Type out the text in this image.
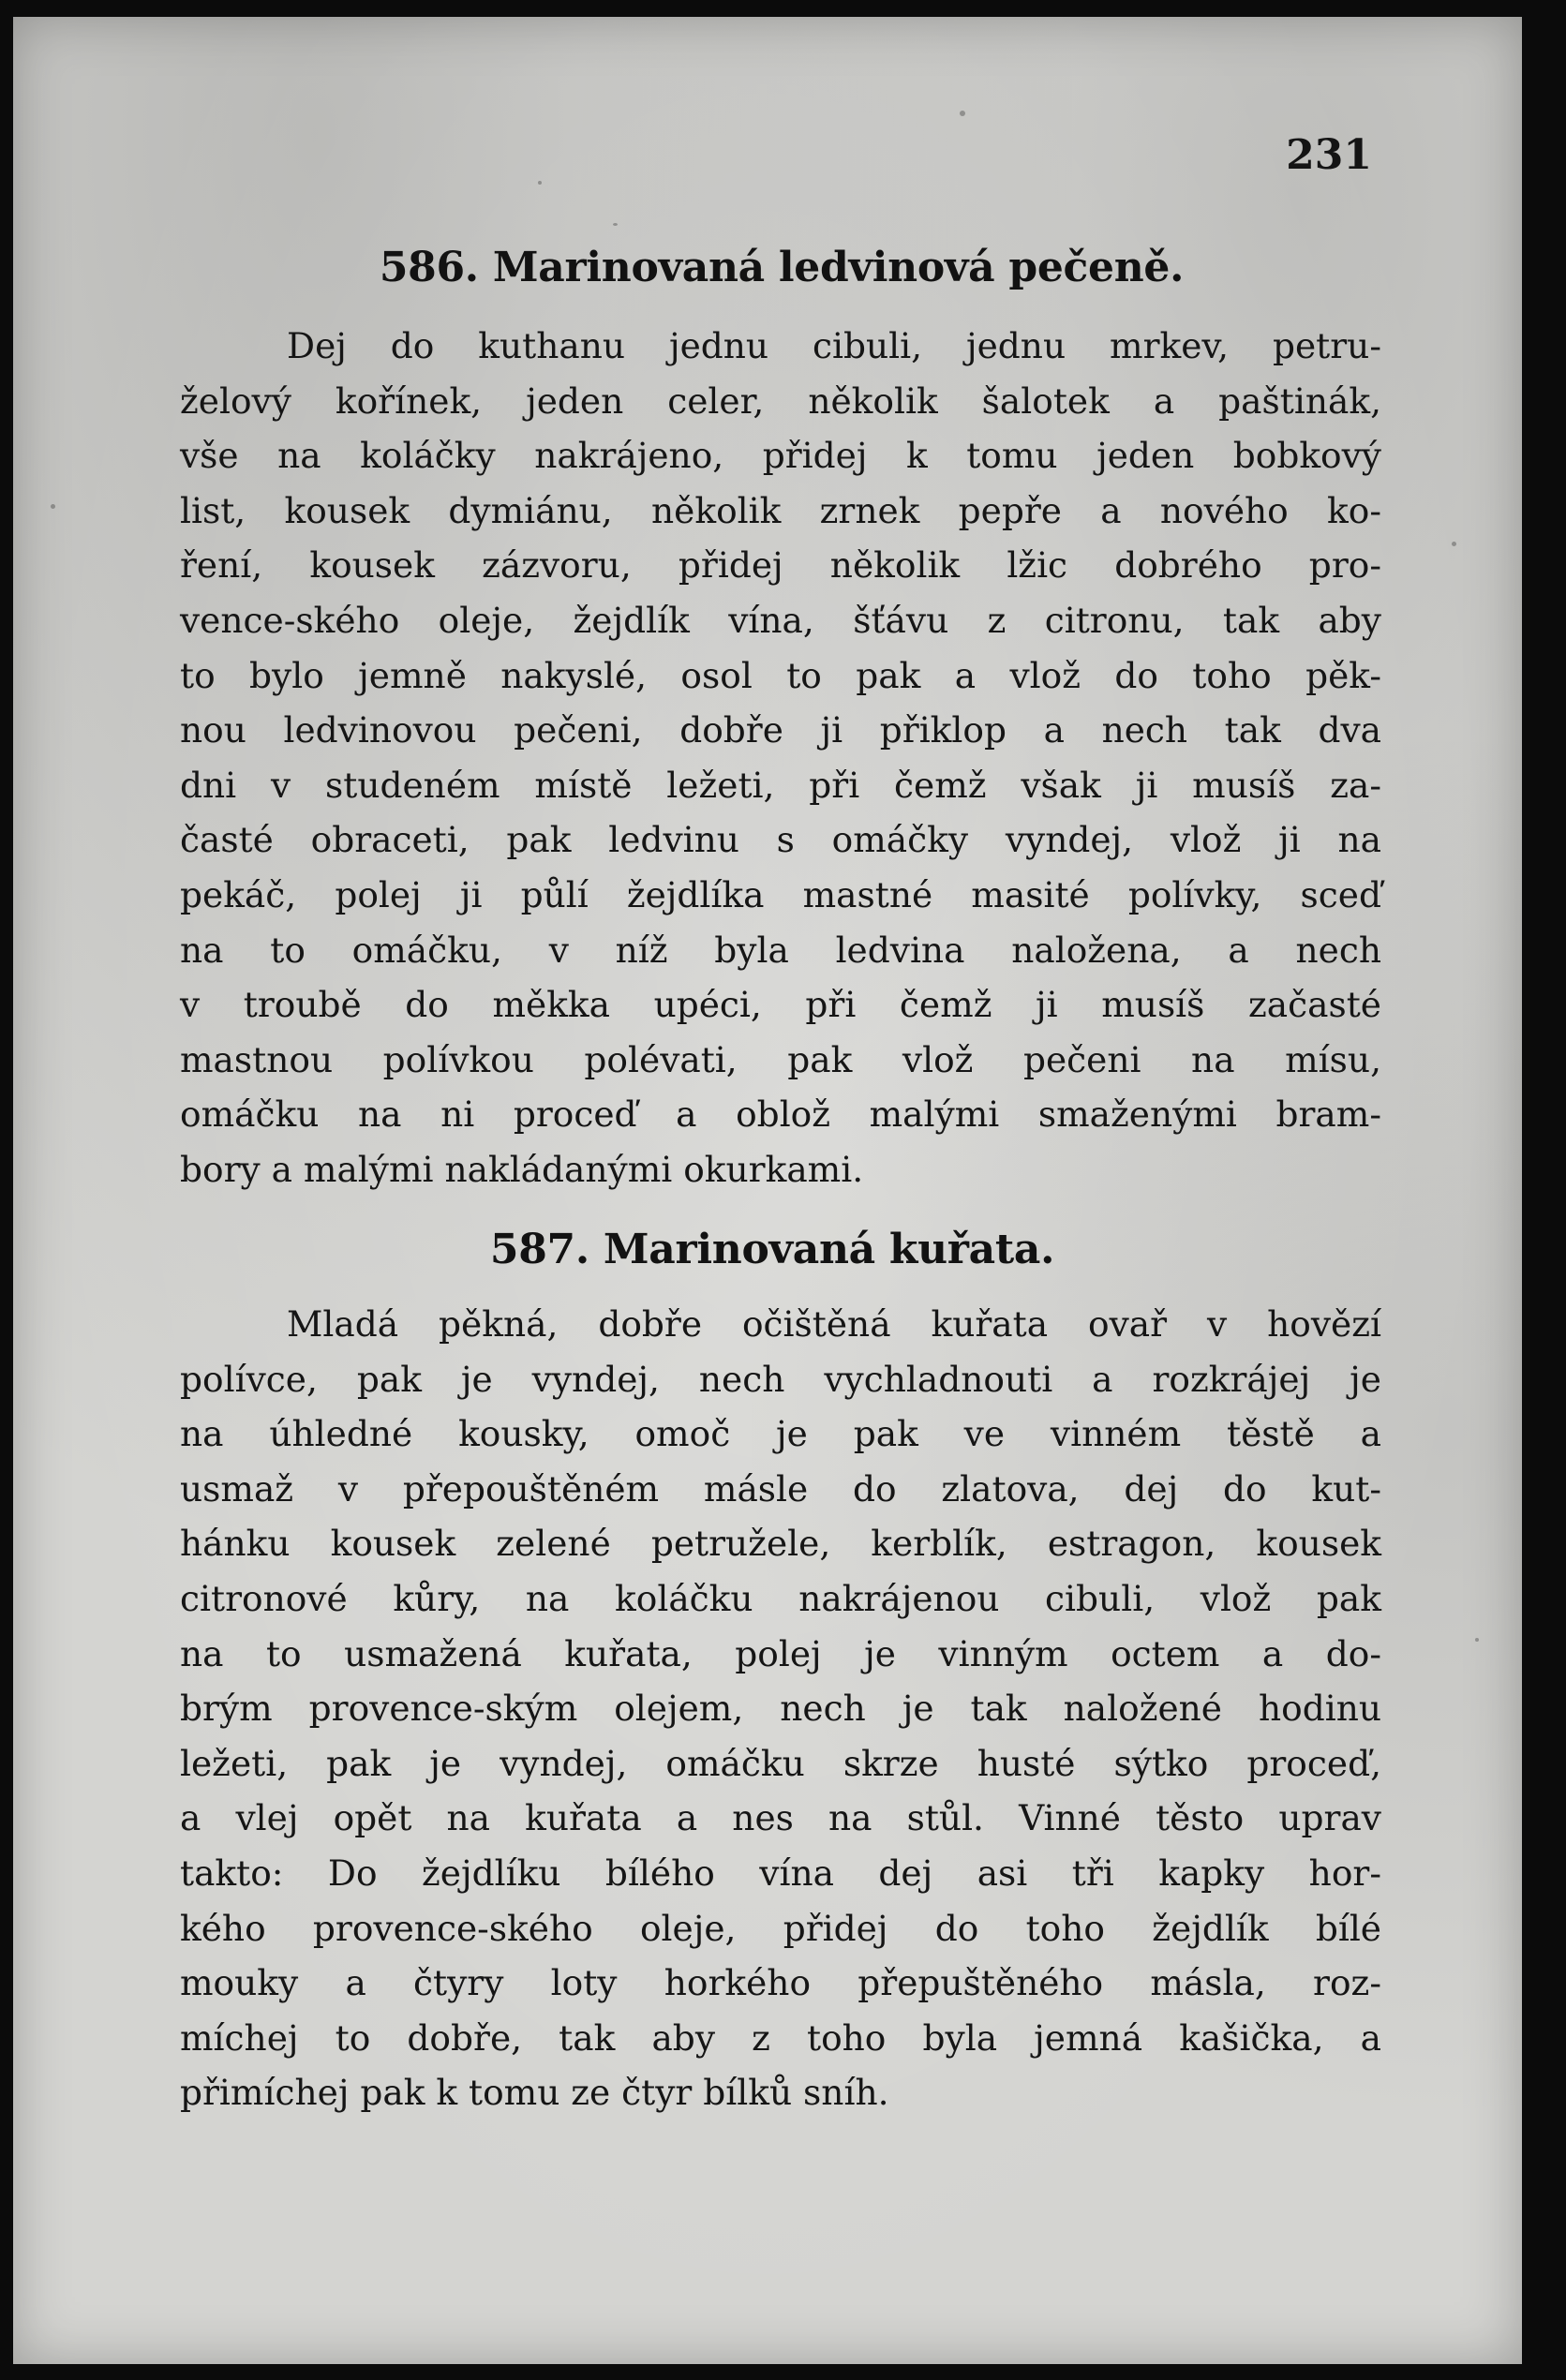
231
586. Marinovaná ledvinová pečeně.
Dej do kuthanu jednu cibuli, jednu mrkev, petru-
želový kořínek, jeden celer, několik šalotek a paštinák,
vše na koláčky nakrájeno, přidej k tomu jeden bobkový
list, kousek dymiánu, několik zrnek pepře a nového ko-
ření, kousek zázvoru, přidej několik lžic dobrého pro-
vence-ského oleje, žejdlík vína, šťávu z citronu, tak aby
to bylo jemně nakyslé, osol to pak a vlož do toho pěk-
nou ledvinovou pečeni, dobře ji přiklop a nech tak dva
dni v studeném místě ležeti, při čemž však ji musíš za-
časté obraceti, pak ledvinu s omáčky vyndej, vlož ji na
pekáč, polej ji půlí žejdlíka mastné masité polívky, sceď
na to omáčku, v níž byla ledvina naložena, a nech
v troubě do měkka upéci, při čemž ji musíš začasté
mastnou polívkou polévati, pak vlož pečeni na mísu,
omáčku na ni proceď a oblož malými smaženými bram-
bory a malými nakládanými okurkami.
587. Marinovaná kuřata.
Mladá pěkná, dobře očištěná kuřata ovař v hovězí
polívce, pak je vyndej, nech vychladnouti a rozkrájej je
na úhledné kousky, omoč je pak ve vinném těstě a
usmaž v přepouštěném másle do zlatova, dej do kut-
hánku kousek zelené petružele, kerblík, estragon, kousek
citronové kůry, na koláčku nakrájenou cibuli, vlož pak
na to usmažená kuřata, polej je vinným octem a do-
brým provence-ským olejem, nech je tak naložené hodinu
ležeti, pak je vyndej, omáčku skrze husté sýtko proceď,
a vlej opět na kuřata a nes na stůl. Vinné těsto uprav
takto: Do žejdlíku bílého vína dej asi tři kapky hor-
kého provence-ského oleje, přidej do toho žejdlík bílé
mouky a čtyry loty horkého přepuštěného másla, roz-
míchej to dobře, tak aby z toho byla jemná kašička, a
přimíchej pak k tomu ze čtyr bílků sníh.
